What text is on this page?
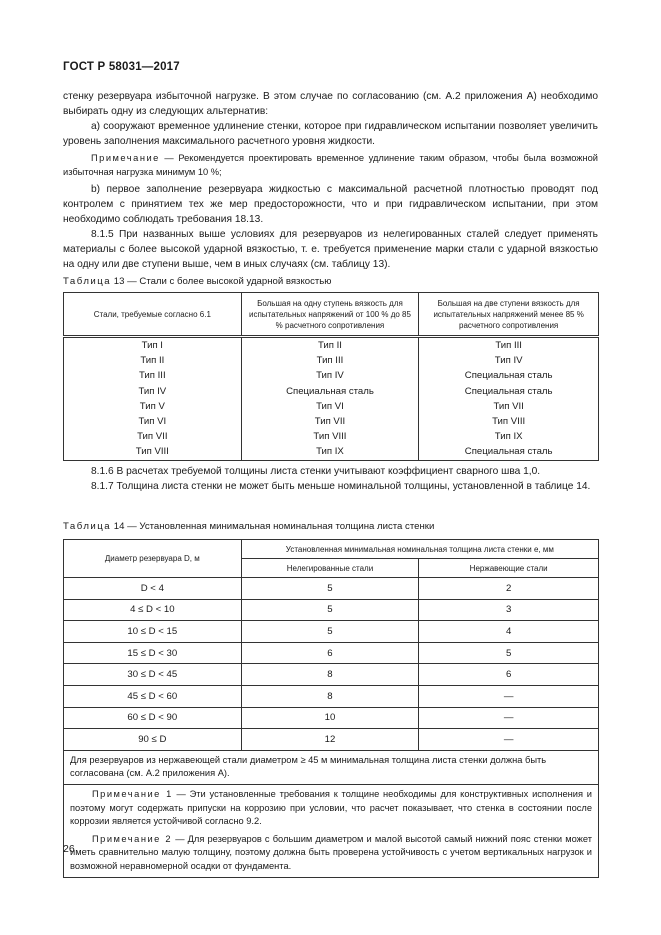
ГОСТ Р 58031—2017

стенку резервуара избыточной нагрузке. В этом случае по согласованию (см. А.2 приложения А) необходимо выбирать одну из следующих альтернатив:

а) сооружают временное удлинение стенки, которое при гидравлическом испытании позволяет увеличить уровень заполнения максимального расчетного уровня жидкости.

Примечание — Рекомендуется проектировать временное удлинение таким образом, чтобы была возможной избыточная нагрузка минимум 10 %;

b) первое заполнение резервуара жидкостью с максимальной расчетной плотностью проводят под контролем с принятием тех же мер предосторожности, что и при гидравлическом испытании, при этом необходимо соблюдать требования 18.13.

8.1.5 При названных выше условиях для резервуаров из нелегированных сталей следует применять материалы с более высокой ударной вязкостью, т. е. требуется применение марки стали с ударной вязкостью на одну или две ступени выше, чем в иных случаях (см. таблицу 13).

Таблица 13 — Стали с более высокой ударной вязкостью
Стали, требуемые согласно 6.1	Большая на одну ступень вязкость для испытательных напряжений от 100 % до 85 % расчетного сопротивления	Большая на две ступени вязкость для испытательных напряжений менее 85 % расчетного сопротивления
Тип I	Тип II	Тип III
Тип II	Тип III	Тип IV
Тип III	Тип IV	Специальная сталь
Тип IV	Специальная сталь	Специальная сталь
Тип V	Тип VI	Тип VII
Тип VI	Тип VII	Тип VIII
Тип VII	Тип VIII	Тип IX
Тип VIII	Тип IX	Специальная сталь

8.1.6 В расчетах требуемой толщины листа стенки учитывают коэффициент сварного шва 1,0.

8.1.7 Толщина листа стенки не может быть меньше номинальной толщины, установленной в таблице 14.

Таблица 14 — Установленная минимальная номинальная толщина листа стенки
Диаметр резервуара D, м	Установленная минимальная номинальная толщина листа стенки e, мм	
	Нелегированные стали	Нержавеющие стали
D < 4	5	2
4 ≤ D < 10	5	3
10 ≤ D < 15	5	4
15 ≤ D < 30	6	5
30 ≤ D < 45	8	6
45 ≤ D < 60	8	—
60 ≤ D < 90	10	—
90 ≤ D	12	—
Для резервуаров из нержавеющей стали диаметром ≥ 45 м минимальная толщина листа стенки должна быть согласована (см. А.2 приложения А).		

Примечание 1 — Эти установленные требования к толщине необходимы для конструктивных исполнения и поэтому могут содержать припуски на коррозию при условии, что расчет показывает, что стенка в состоянии после коррозии является устойчивой согласно 9.2.
Примечание 2 — Для резервуаров с большим диаметром и малой высотой самый нижний пояс стенки может иметь сравнительно малую толщину, поэтому должна быть проверена устойчивость с учетом вертикальных нагрузок и возможной неравномерной осадки от фундамента.		
26
